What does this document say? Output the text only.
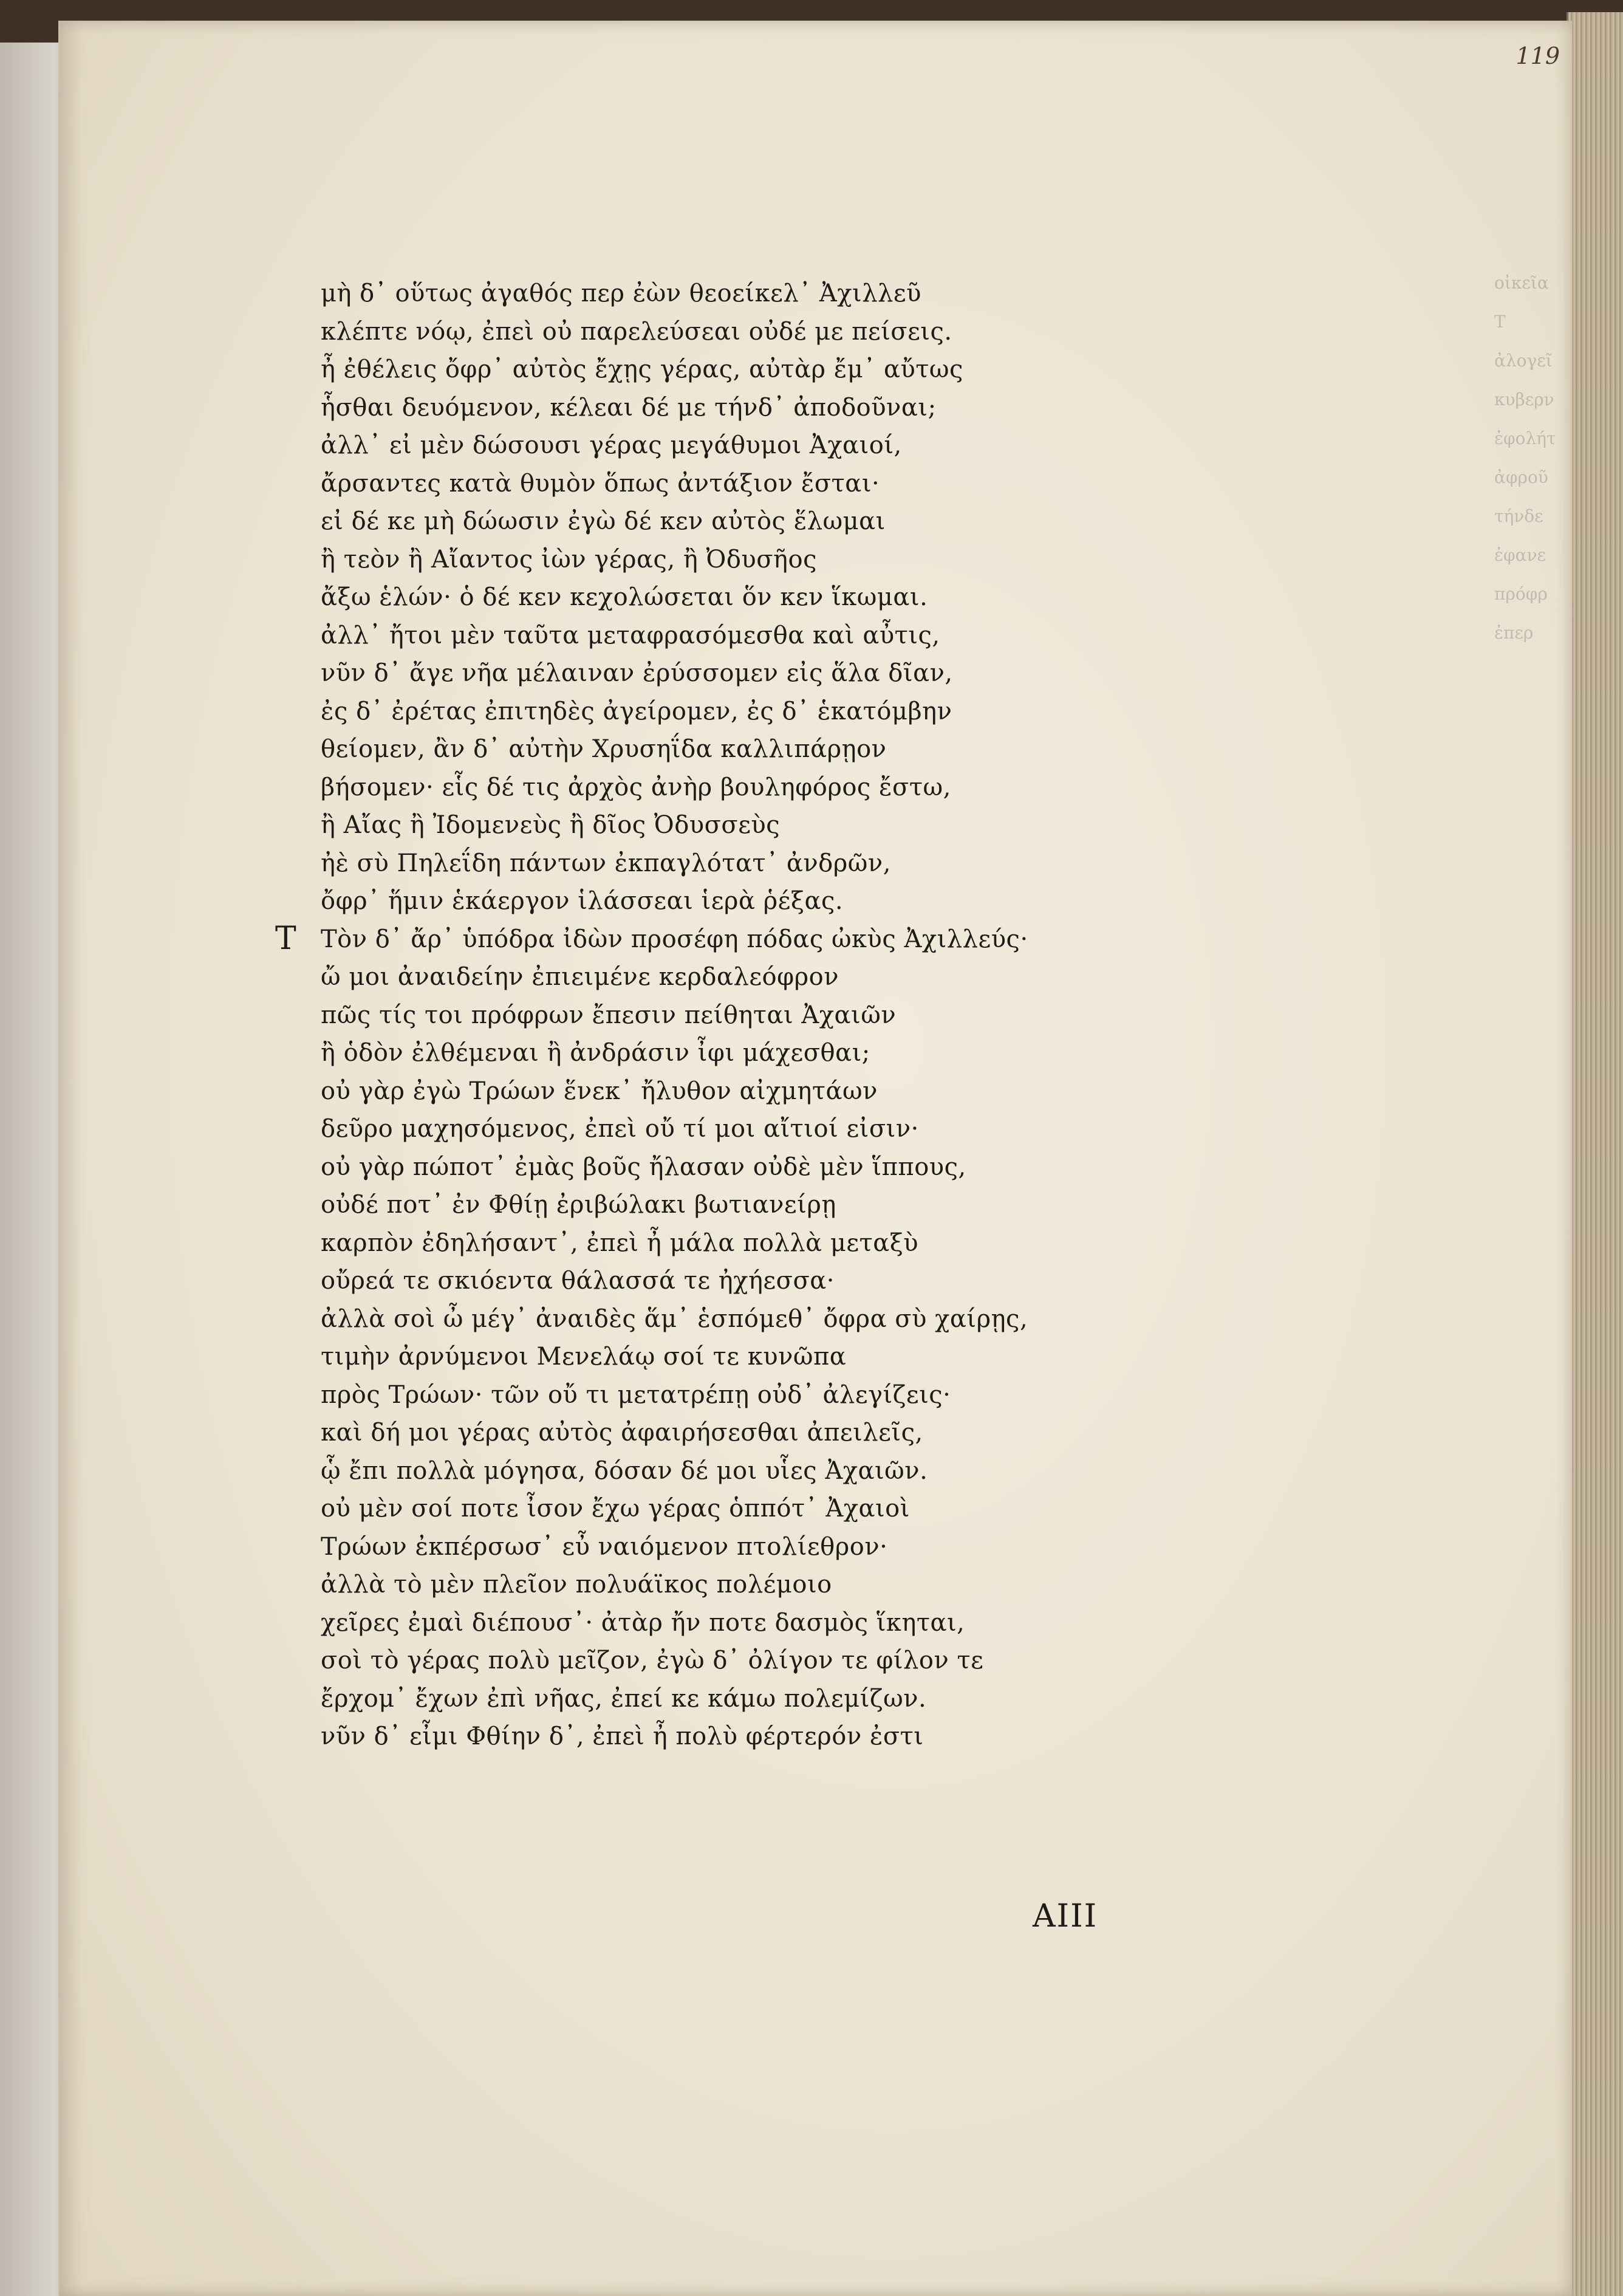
119
οἰκεῖα
Τ
ἀλογεῖ
κυβερν
ἐφολήτ
ἀφροῦ
τήνδε
ἐφανε
πρόφρ
ἐπερ
μὴ δ᾽ οὕτως ἀγαθός περ ἐὼν θεοείκελ᾽ Ἀχιλλεῦ
κλέπτε νόῳ, ἐπεὶ οὐ παρελεύσεαι οὐδέ με πείσεις.
ἦ ἐθέλεις ὄφρ᾽ αὐτὸς ἔχῃς γέρας, αὐτὰρ ἔμ᾽ αὔτως
ἧσθαι δευόμενον, κέλεαι δέ με τήνδ᾽ ἀποδοῦναι;
ἀλλ᾽ εἰ μὲν δώσουσι γέρας μεγάθυμοι Ἀχαιοί,
ἄρσαντες κατὰ θυμὸν ὅπως ἀντάξιον ἔσται·
εἰ δέ κε μὴ δώωσιν ἐγὼ δέ κεν αὐτὸς ἕλωμαι
ἢ τεὸν ἢ Αἴαντος ἰὼν γέρας, ἢ Ὀδυσῆος
ἄξω ἑλών· ὁ δέ κεν κεχολώσεται ὅν κεν ἵκωμαι.
ἀλλ᾽ ἤτοι μὲν ταῦτα μεταφρασόμεσθα καὶ αὖτις,
νῦν δ᾽ ἄγε νῆα μέλαιναν ἐρύσσομεν εἰς ἅλα δῖαν,
ἐς δ᾽ ἐρέτας ἐπιτηδὲς ἀγείρομεν, ἐς δ᾽ ἑκατόμβην
θείομεν, ἂν δ᾽ αὐτὴν Χρυσηΐδα καλλιπάρῃον
βήσομεν· εἷς δέ τις ἀρχὸς ἀνὴρ βουληφόρος ἔστω,
ἢ Αἴας ἢ Ἰδομενεὺς ἢ δῖος Ὀδυσσεὺς
ἠὲ σὺ Πηλεΐδη πάντων ἐκπαγλότατ᾽ ἀνδρῶν,
ὄφρ᾽ ἥμιν ἑκάεργον ἱλάσσεαι ἱερὰ ῥέξας.
Τ Τὸν δ᾽ ἄρ᾽ ὑπόδρα ἰδὼν προσέφη πόδας ὠκὺς Ἀχιλλεύς·
ὤ μοι ἀναιδείην ἐπιειμένε κερδαλεόφρον
πῶς τίς τοι πρόφρων ἔπεσιν πείθηται Ἀχαιῶν
ἢ ὁδὸν ἐλθέμεναι ἢ ἀνδράσιν ἶφι μάχεσθαι;
οὐ γὰρ ἐγὼ Τρώων ἕνεκ᾽ ἤλυθον αἰχμητάων
δεῦρο μαχησόμενος, ἐπεὶ οὔ τί μοι αἴτιοί εἰσιν·
οὐ γὰρ πώποτ᾽ ἐμὰς βοῦς ἤλασαν οὐδὲ μὲν ἵππους,
οὐδέ ποτ᾽ ἐν Φθίῃ ἐριβώλακι βωτιανείρῃ
καρπὸν ἐδηλήσαντ᾽, ἐπεὶ ἦ μάλα πολλὰ μεταξὺ
οὔρεά τε σκιόεντα θάλασσά τε ἠχήεσσα·
ἀλλὰ σοὶ ὦ μέγ᾽ ἀναιδὲς ἅμ᾽ ἑσπόμεθ᾽ ὄφρα σὺ χαίρῃς,
τιμὴν ἀρνύμενοι Μενελάῳ σοί τε κυνῶπα
πρὸς Τρώων· τῶν οὔ τι μετατρέπῃ οὐδ᾽ ἀλεγίζεις·
καὶ δή μοι γέρας αὐτὸς ἀφαιρήσεσθαι ἀπειλεῖς,
ᾧ ἔπι πολλὰ μόγησα, δόσαν δέ μοι υἷες Ἀχαιῶν.
οὐ μὲν σοί ποτε ἶσον ἔχω γέρας ὁππότ᾽ Ἀχαιοὶ
Τρώων ἐκπέρσωσ᾽ εὖ ναιόμενον πτολίεθρον·
ἀλλὰ τὸ μὲν πλεῖον πολυάϊκος πολέμοιο
χεῖρες ἐμαὶ διέπουσ᾽· ἀτὰρ ἤν ποτε δασμὸς ἵκηται,
σοὶ τὸ γέρας πολὺ μεῖζον, ἐγὼ δ᾽ ὀλίγον τε φίλον τε
ἔρχομ᾽ ἔχων ἐπὶ νῆας, ἐπεί κε κάμω πολεμίζων.
νῦν δ᾽ εἶμι Φθίην δ᾽, ἐπεὶ ἦ πολὺ φέρτερόν ἐστι
AIII
